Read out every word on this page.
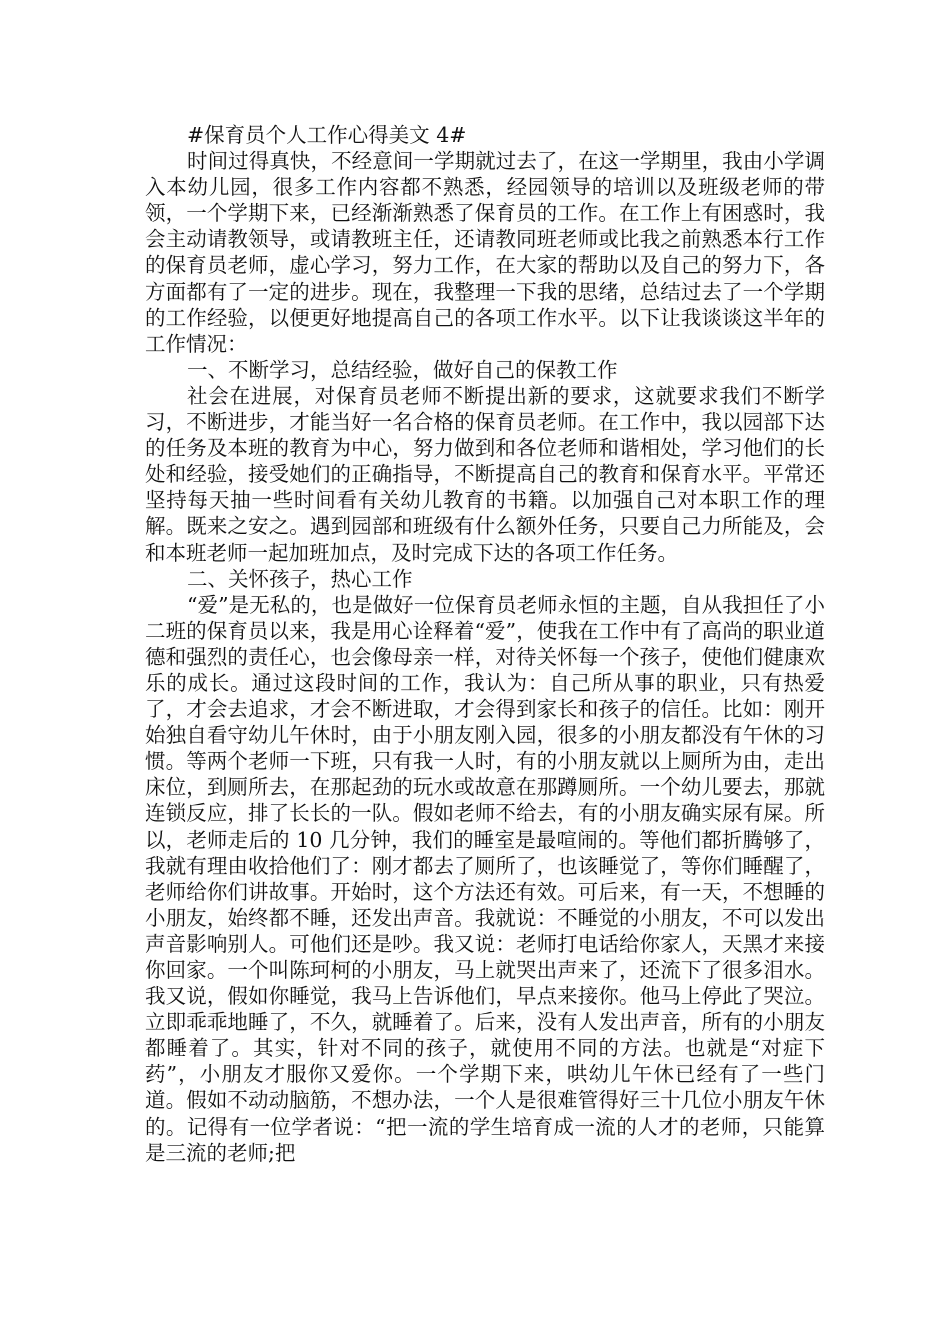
#保育员个人工作心得美文 4#

时间过得真快，不经意间一学期就过去了，在这一学期里，我由小学调入本幼儿园，很多工作内容都不熟悉，经园领导的培训以及班级老师的带领，一个学期下来，已经渐渐熟悉了保育员的工作。在工作上有困惑时，我会主动请教领导，或请教班主任，还请教同班老师或比我之前熟悉本行工作的保育员老师，虚心学习，努力工作，在大家的帮助以及自己的努力下，各方面都有了一定的进步。现在，我整理一下我的思绪，总结过去了一个学期的工作经验，以便更好地提高自己的各项工作水平。以下让我谈谈这半年的工作情况：

一、不断学习，总结经验，做好自己的保教工作

社会在进展，对保育员老师不断提出新的要求，这就要求我们不断学习，不断进步，才能当好一名合格的保育员老师。在工作中，我以园部下达的任务及本班的教育为中心，努力做到和各位老师和谐相处，学习他们的长处和经验，接受她们的正确指导，不断提高自己的教育和保育水平。平常还坚持每天抽一些时间看有关幼儿教育的书籍。以加强自己对本职工作的理解。既来之安之。遇到园部和班级有什么额外任务，只要自己力所能及，会和本班老师一起加班加点，及时完成下达的各项工作任务。

二、关怀孩子，热心工作

“爱”是无私的，也是做好一位保育员老师永恒的主题，自从我担任了小二班的保育员以来，我是用心诠释着“爱”，使我在工作中有了高尚的职业道德和强烈的责任心，也会像母亲一样，对待关怀每一个孩子，使他们健康欢乐的成长。通过这段时间的工作，我认为：自己所从事的职业，只有热爱了，才会去追求，才会不断进取，才会得到家长和孩子的信任。比如：刚开始独自看守幼儿午休时，由于小朋友刚入园，很多的小朋友都没有午休的习惯。等两个老师一下班，只有我一人时，有的小朋友就以上厕所为由，走出床位，到厕所去，在那起劲的玩水或故意在那蹲厕所。一个幼儿要去，那就连锁反应，排了长长的一队。假如老师不给去，有的小朋友确实尿有屎。所以，老师走后的 10 几分钟，我们的睡室是最喧闹的。等他们都折腾够了，我就有理由收拾他们了：刚才都去了厕所了，也该睡觉了，等你们睡醒了，老师给你们讲故事。开始时，这个方法还有效。可后来，有一天，不想睡的小朋友，始终都不睡，还发出声音。我就说：不睡觉的小朋友，不可以发出声音影响别人。可他们还是吵。我又说：老师打电话给你家人，天黑才来接你回家。一个叫陈珂柯的小朋友，马上就哭出声来了，还流下了很多泪水。我又说，假如你睡觉，我马上告诉他们，早点来接你。他马上停此了哭泣。立即乖乖地睡了，不久，就睡着了。后来，没有人发出声音，所有的小朋友都睡着了。其实，针对不同的孩子，就使用不同的方法。也就是“对症下药”，小朋友才服你又爱你。一个学期下来，哄幼儿午休已经有了一些门道。假如不动动脑筋，不想办法，一个人是很难管得好三十几位小朋友午休的。记得有一位学者说：“把一流的学生培育成一流的人才的老师，只能算是三流的老师;把
